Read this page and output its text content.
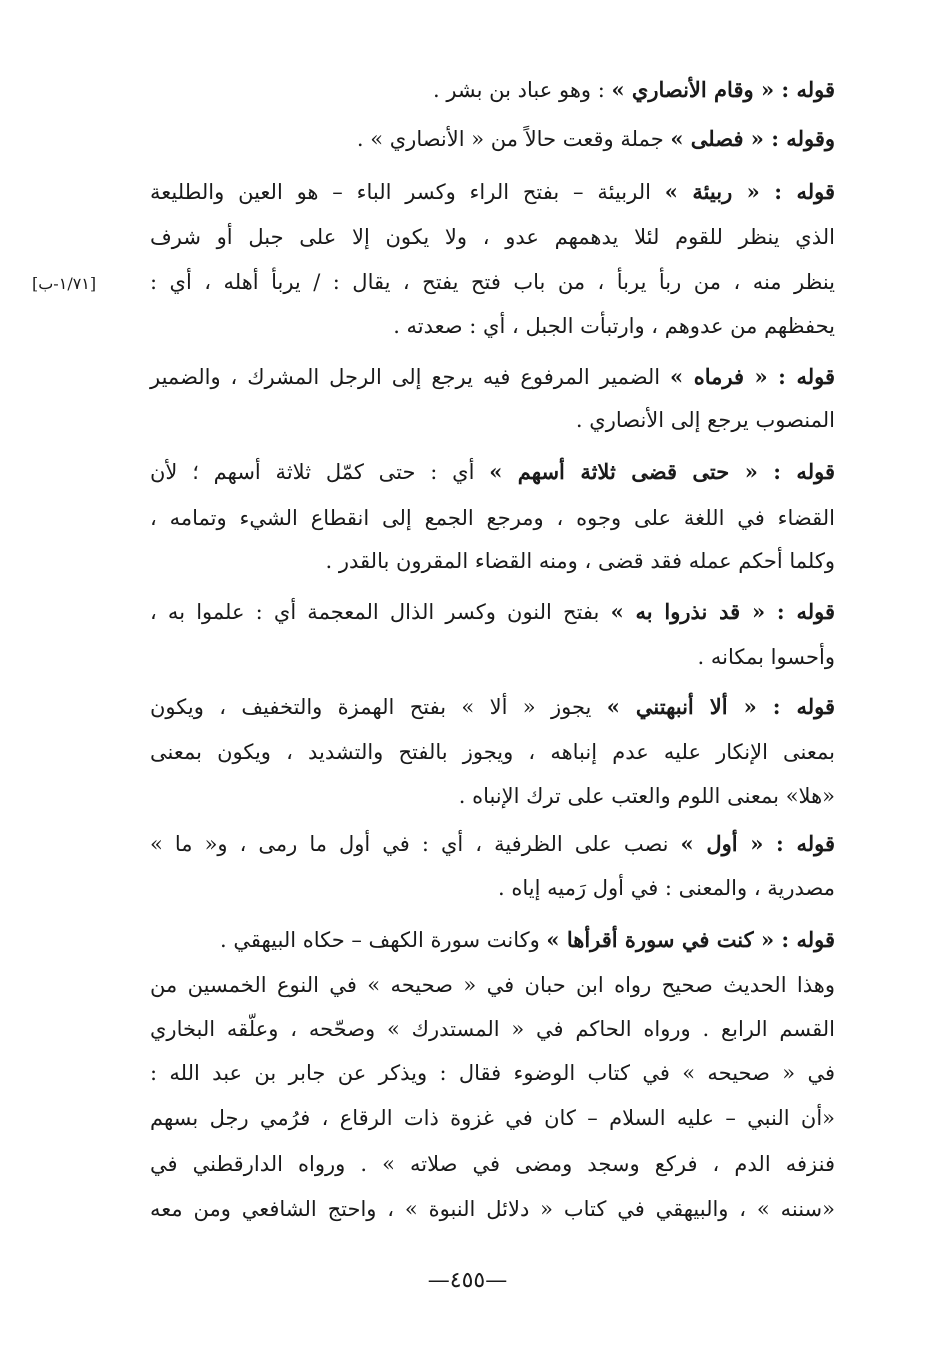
قوله : « وقام الأنصاري » : وهو عباد بن بشر .
وقوله : « فصلى » جملة وقعت حالاً من « الأنصاري » .
قوله : « ربيئة » الربيئة – بفتح الراء وكسر الباء – هو العين والطليعة
الذي ينظر للقوم لئلا يدهمهم عدو ، ولا يكون إلا على جبل أو شرف
ينظر منه ، من ربأ يربأ ، من باب فتح يفتح ، يقال : / يربأ أهله ، أي :
يحفظهم من عدوهم ، وارتبأت الجبل ، أي : صعدته .
قوله : « فرماه » الضمير المرفوع فيه يرجع إلى الرجل المشرك ، والضمير
المنصوب يرجع إلى الأنصاري .
قوله : « حتى قضى ثلاثة أسهم » أي : حتى كمّل ثلاثة أسهم ؛ لأن
القضاء في اللغة على وجوه ، ومرجع الجمع إلى انقطاع الشيء وتمامه ،
وكلما أحكم عمله فقد قضى ، ومنه القضاء المقرون بالقدر .
قوله : « قد نذروا به » بفتح النون وكسر الذال المعجمة أي : علموا به ،
وأحسوا بمكانه .
قوله : « ألا أنبهتني » يجوز « ألا » بفتح الهمزة والتخفيف ، ويكون
بمعنى الإنكار عليه عدم إنباهه ، ويجوز بالفتح والتشديد ، ويكون بمعنى
«هلا» بمعنى اللوم والعتب على ترك الإنباه .
قوله : « أول » نصب على الظرفية ، أي : في أول ما رمى ، و« ما »
مصدرية ، والمعنى : في أول رَميه إياه .
قوله : « كنت في سورة أقرأها » وكانت سورة الكهف – حكاه البيهقي .
وهذا الحديث صحيح رواه ابن حبان في « صحيحه » في النوع الخمسين من
القسم الرابع . ورواه الحاكم في « المستدرك » وصحّحه ، وعلّقه البخاري
في « صحيحه » في كتاب الوضوء فقال : ويذكر عن جابر بن عبد الله :
«أن النبي – عليه السلام – كان في غزوة ذات الرقاع ، فرُمي رجل بسهم
فنزفه الدم ، فركع وسجد ومضى في صلاته » . ورواه الدارقطني في
«سننه » ، والبيهقي في كتاب « دلائل النبوة » ، واحتج الشافعي ومن معه
[١/٧١-ب]
—٤٥٥—
